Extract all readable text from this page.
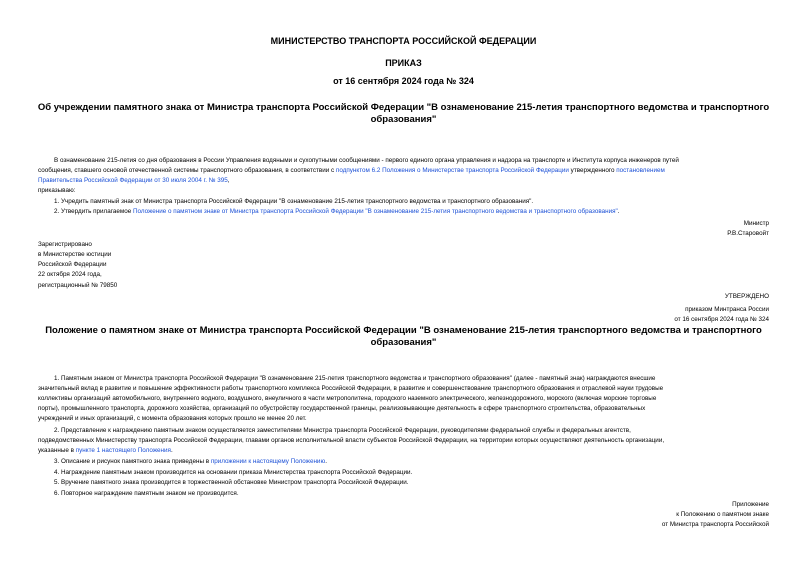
МИНИСТЕРСТВО ТРАНСПОРТА РОССИЙСКОЙ ФЕДЕРАЦИИ
ПРИКАЗ
от 16 сентября 2024 года № 324
Об учреждении памятного знака от Министра транспорта Российской Федерации "В ознаменование 215-летия транспортного ведомства и транспортного
образования"
В ознаменование 215-летия со дня образования в России Управления водяными и сухопутными сообщениями - первого единого органа управления и надзора на транспорте и Института корпуса инженеров путей
сообщения, ставшего основой отечественной системы транспортного образования, в соответствии с подпунктом 6.2 Положения о Министерстве транспорта Российской Федерации утвержденного постановлением
Правительства Российской Федерации от 30 июля 2004 г. № 395,
приказываю:
1. Учредить памятный знак от Министра транспорта Российской Федерации "В ознаменование 215-летия транспортного ведомства и транспортного образования".
2. Утвердить прилагаемое Положение о памятном знаке от Министра транспорта Российской Федерации "В ознаменование 215-летия транспортного ведомства и транспортного образования".
Министр
Р.В.Старовойт
Зарегистрировано
в Министерстве юстиции
Российской Федерации
22 октября 2024 года,
регистрационный № 79850
УТВЕРЖДЕНО
приказом Минтранса России
от 16 сентября 2024 года № 324
Положение о памятном знаке от Министра транспорта Российской Федерации "В ознаменование 215-летия транспортного ведомства и транспортного
образования"
1. Памятным знаком от Министра транспорта Российской Федерации "В ознаменование 215-летия транспортного ведомства и транспортного образования" (далее - памятный знак) награждаются внесшие
значительный вклад в развитие и повышение эффективности работы транспортного комплекса Российской Федерации, в развитие и совершенствование транспортного образования и отраслевой науки трудовые
коллективы организаций автомобильного, внутреннего водного, воздушного, внеуличного в части метрополитена, городского наземного электрического, железнодорожного, морского (включая морские торговые
порты), промышленного транспорта, дорожного хозяйства, организаций по обустройству государственной границы, реализовывающие деятельность в сфере транспортного строительства, образовательных
учреждений и иных организаций, с момента образования которых прошло не менее 20 лет.
2. Представление к награждению памятным знаком осуществляется заместителями Министра транспорта Российской Федерации, руководителями федеральной службы и федеральных агентств,
подведомственных Министерству транспорта Российской Федерации, главами органов исполнительной власти субъектов Российской Федерации, на территории которых осуществляют деятельность организации,
указанные в пункте 1 настоящего Положения.
3. Описание и рисунок памятного знака приведены в приложении к настоящему Положению.
4. Награждение памятным знаком производится на основании приказа Министерства транспорта Российской Федерации.
5. Вручение памятного знака производится в торжественной обстановке Министром транспорта Российской Федерации.
6. Повторное награждение памятным знаком не производится.
Приложение
к Положению о памятном знаке
от Министра транспорта Российской
